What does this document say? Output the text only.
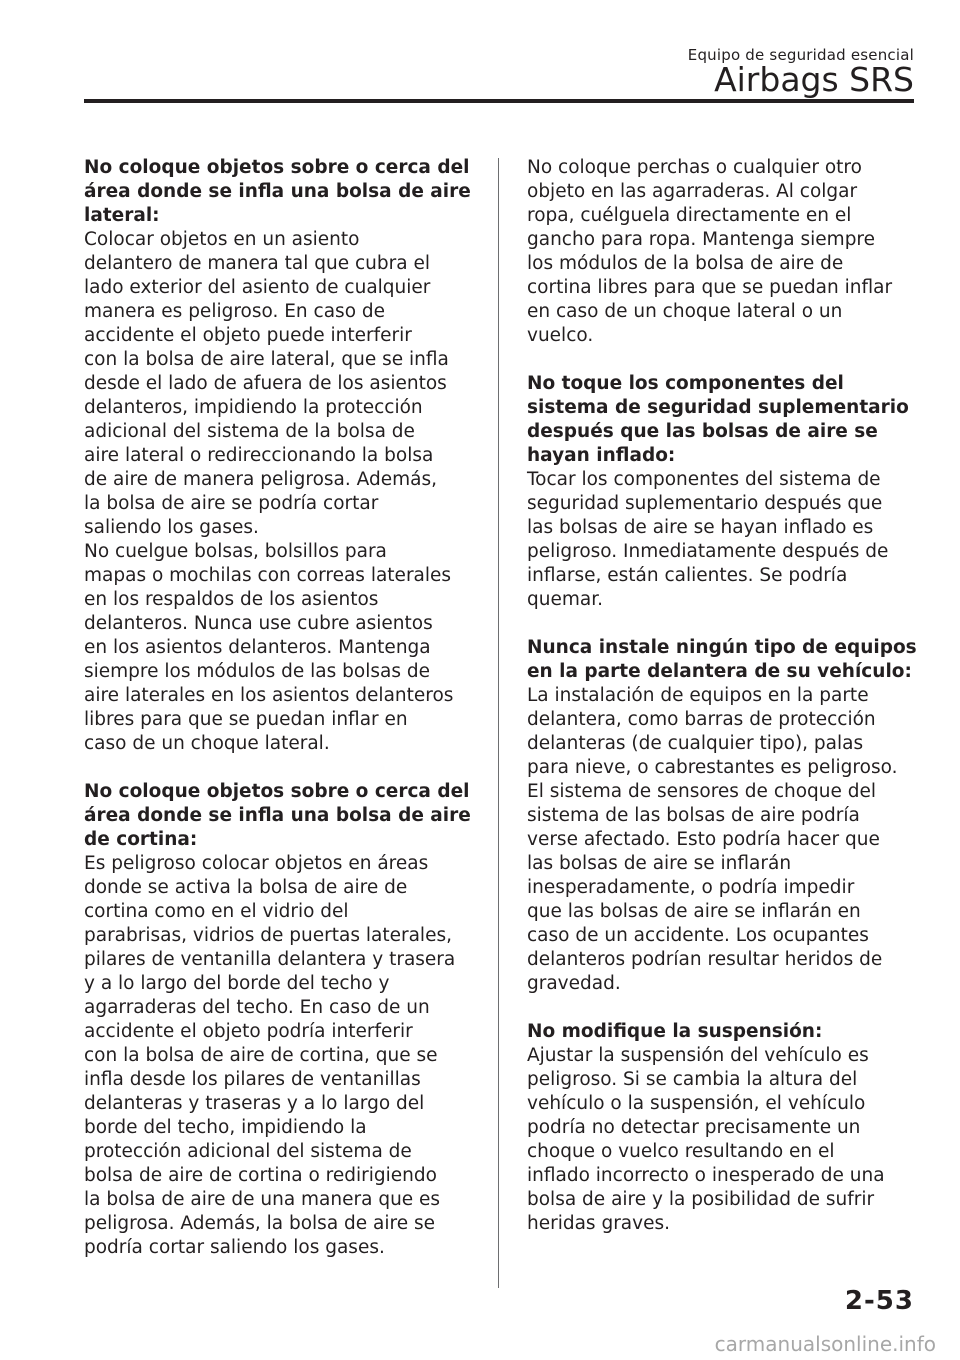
Equipo de seguridad esencial
Airbags SRS
No coloque objetos sobre o cerca del
área donde se infla una bolsa de aire
lateral:
Colocar objetos en un asiento
delantero de manera tal que cubra el
lado exterior del asiento de cualquier
manera es peligroso. En caso de
accidente el objeto puede interferir
con la bolsa de aire lateral, que se infla
desde el lado de afuera de los asientos
delanteros, impidiendo la protección
adicional del sistema de la bolsa de
aire lateral o redireccionando la bolsa
de aire de manera peligrosa. Además,
la bolsa de aire se podría cortar
saliendo los gases.
No cuelgue bolsas, bolsillos para
mapas o mochilas con correas laterales
en los respaldos de los asientos
delanteros. Nunca use cubre asientos
en los asientos delanteros. Mantenga
siempre los módulos de las bolsas de
aire laterales en los asientos delanteros
libres para que se puedan inflar en
caso de un choque lateral.
No coloque objetos sobre o cerca del
área donde se infla una bolsa de aire
de cortina:
Es peligroso colocar objetos en áreas
donde se activa la bolsa de aire de
cortina como en el vidrio del
parabrisas, vidrios de puertas laterales,
pilares de ventanilla delantera y trasera
y a lo largo del borde del techo y
agarraderas del techo. En caso de un
accidente el objeto podría interferir
con la bolsa de aire de cortina, que se
infla desde los pilares de ventanillas
delanteras y traseras y a lo largo del
borde del techo, impidiendo la
protección adicional del sistema de
bolsa de aire de cortina o redirigiendo
la bolsa de aire de una manera que es
peligrosa. Además, la bolsa de aire se
podría cortar saliendo los gases.
No coloque perchas o cualquier otro
objeto en las agarraderas. Al colgar
ropa, cuélguela directamente en el
gancho para ropa. Mantenga siempre
los módulos de la bolsa de aire de
cortina libres para que se puedan inflar
en caso de un choque lateral o un
vuelco.
No toque los componentes del
sistema de seguridad suplementario
después que las bolsas de aire se
hayan inflado:
Tocar los componentes del sistema de
seguridad suplementario después que
las bolsas de aire se hayan inflado es
peligroso. Inmediatamente después de
inflarse, están calientes. Se podría
quemar.
Nunca instale ningún tipo de equipos
en la parte delantera de su vehículo:
La instalación de equipos en la parte
delantera, como barras de protección
delanteras (de cualquier tipo), palas
para nieve, o cabrestantes es peligroso.
El sistema de sensores de choque del
sistema de las bolsas de aire podría
verse afectado. Esto podría hacer que
las bolsas de aire se inflarán
inesperadamente, o podría impedir
que las bolsas de aire se inflarán en
caso de un accidente. Los ocupantes
delanteros podrían resultar heridos de
gravedad.
No modifique la suspensión:
Ajustar la suspensión del vehículo es
peligroso. Si se cambia la altura del
vehículo o la suspensión, el vehículo
podría no detectar precisamente un
choque o vuelco resultando en el
inflado incorrecto o inesperado de una
bolsa de aire y la posibilidad de sufrir
heridas graves.
2-53
carmanualsonline.info
